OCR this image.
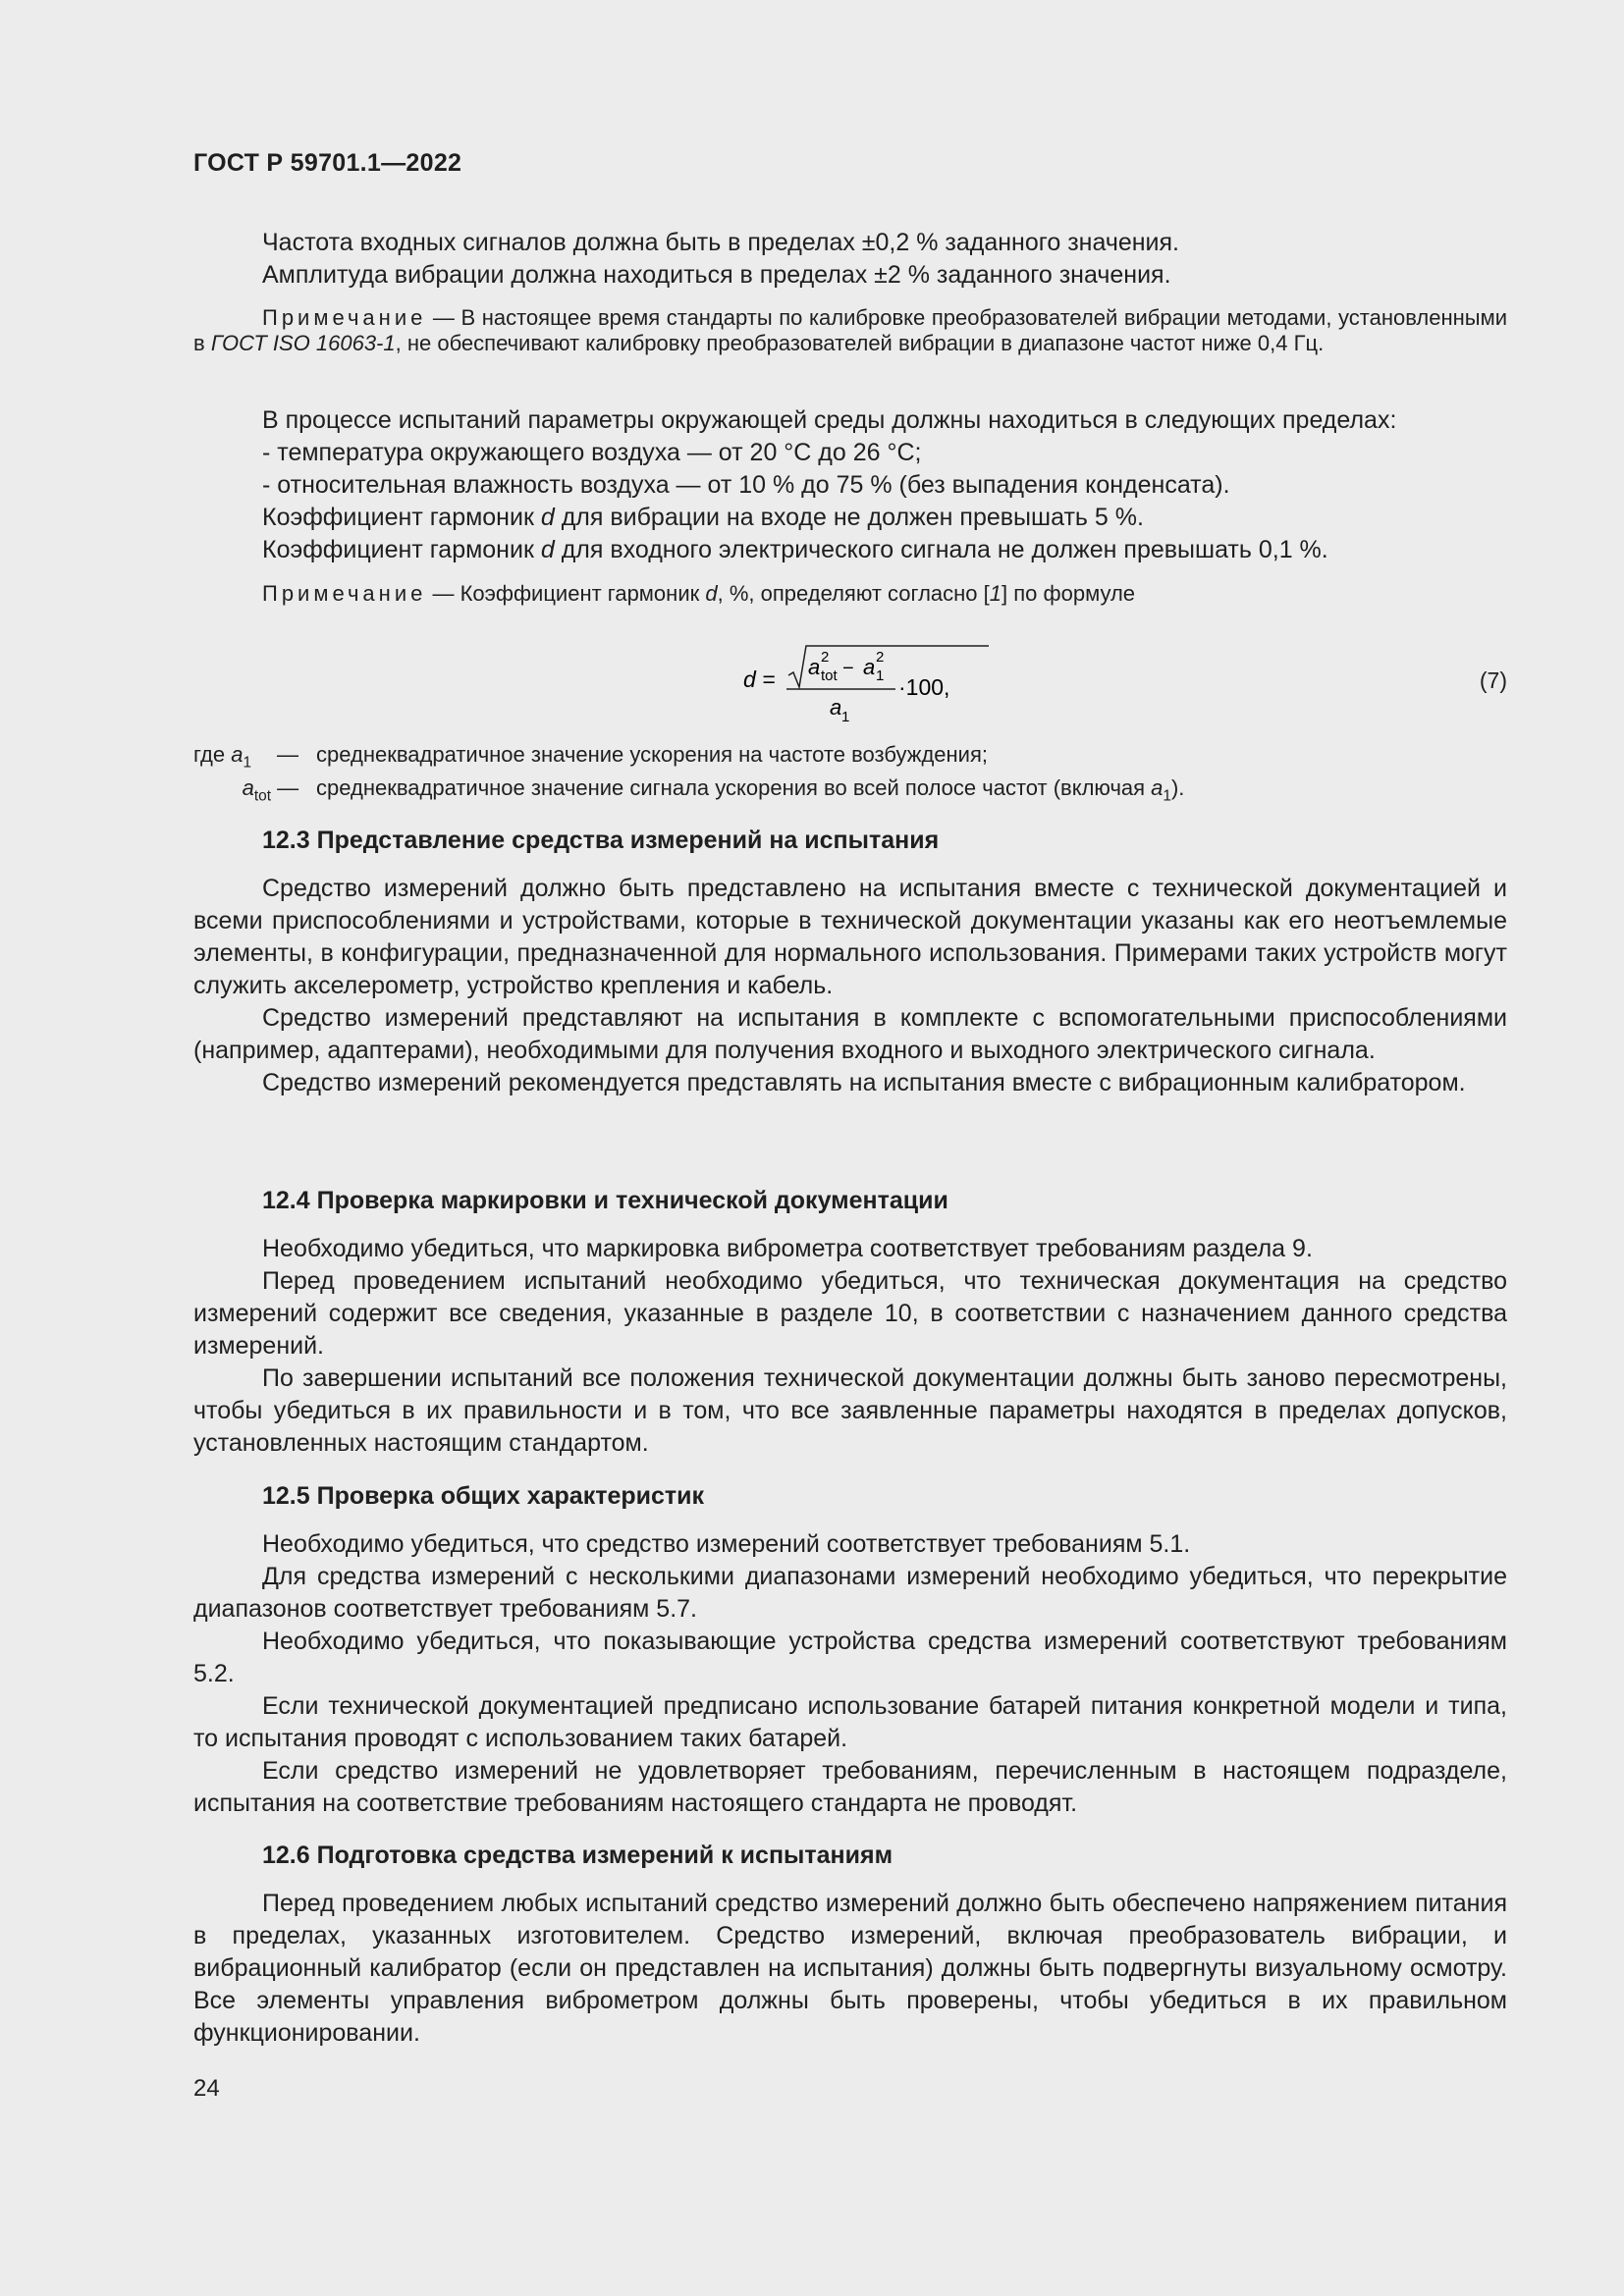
ГОСТ Р 59701.1—2022

Частота входных сигналов должна быть в пределах ±0,2 % заданного значения.

Амплитуда вибрации должна находиться в пределах ±2 % заданного значения.

Примечание — В настоящее время стандарты по калибровке преобразователей вибрации методами, установленными в ГОСТ ISO 16063-1, не обеспечивают калибровку преобразователей вибрации в диапазоне частот ниже 0,4 Гц.

В процессе испытаний параметры окружающей среды должны находиться в следующих пределах:

- температура окружающего воздуха — от 20 °С до 26 °С;

- относительная влажность воздуха — от 10 % до 75 % (без выпадения конденсата).

Коэффициент гармоник d для вибрации на входе не должен превышать 5 %.

Коэффициент гармоник d для входного электрического сигнала не должен превышать 0,1 %.

Примечание — Коэффициент гармоник d, %, определяют согласно [1] по формуле

d = a 2
tot − a 2
1
a 1
·100,	(7)
где $a_1$	— среднеквадратичное значение ускорения на частоте возбуждения;
$a_{tot}$ — среднеквадратичное значение сигнала ускорения во всей полосе частот (включая $a_1$).

12.3 Представление средства измерений на испытания

Средство измерений должно быть представлено на испытания вместе с технической документацией и всеми приспособлениями и устройствами, которые в технической документации указаны как его неотъемлемые элементы, в конфигурации, предназначенной для нормального использования. Примерами таких устройств могут служить акселерометр, устройство крепления и кабель.

Средство измерений представляют на испытания в комплекте с вспомогательными приспособлениями (например, адаптерами), необходимыми для получения входного и выходного электрического сигнала.

Средство измерений рекомендуется представлять на испытания вместе с вибрационным калибратором.

12.4 Проверка маркировки и технической документации

Необходимо убедиться, что маркировка виброметра соответствует требованиям раздела 9.

Перед проведением испытаний необходимо убедиться, что техническая документация на средство измерений содержит все сведения, указанные в разделе 10, в соответствии с назначением данного средства измерений.

По завершении испытаний все положения технической документации должны быть заново пересмотрены, чтобы убедиться в их правильности и в том, что все заявленные параметры находятся в пределах допусков, установленных настоящим стандартом.

12.5 Проверка общих характеристик

Необходимо убедиться, что средство измерений соответствует требованиям 5.1.

Для средства измерений с несколькими диапазонами измерений необходимо убедиться, что перекрытие диапазонов соответствует требованиям 5.7.

Необходимо убедиться, что показывающие устройства средства измерений соответствуют требованиям 5.2.

Если технической документацией предписано использование батарей питания конкретной модели и типа, то испытания проводят с использованием таких батарей.

Если средство измерений не удовлетворяет требованиям, перечисленным в настоящем подразделе, испытания на соответствие требованиям настоящего стандарта не проводят.

12.6 Подготовка средства измерений к испытаниям

Перед проведением любых испытаний средство измерений должно быть обеспечено напряжением питания в пределах, указанных изготовителем. Средство измерений, включая преобразователь вибрации, и вибрационный калибратор (если он представлен на испытания) должны быть подвергнуты визуальному осмотру. Все элементы управления виброметром должны быть проверены, чтобы убедиться в их правильном функционировании.

24
